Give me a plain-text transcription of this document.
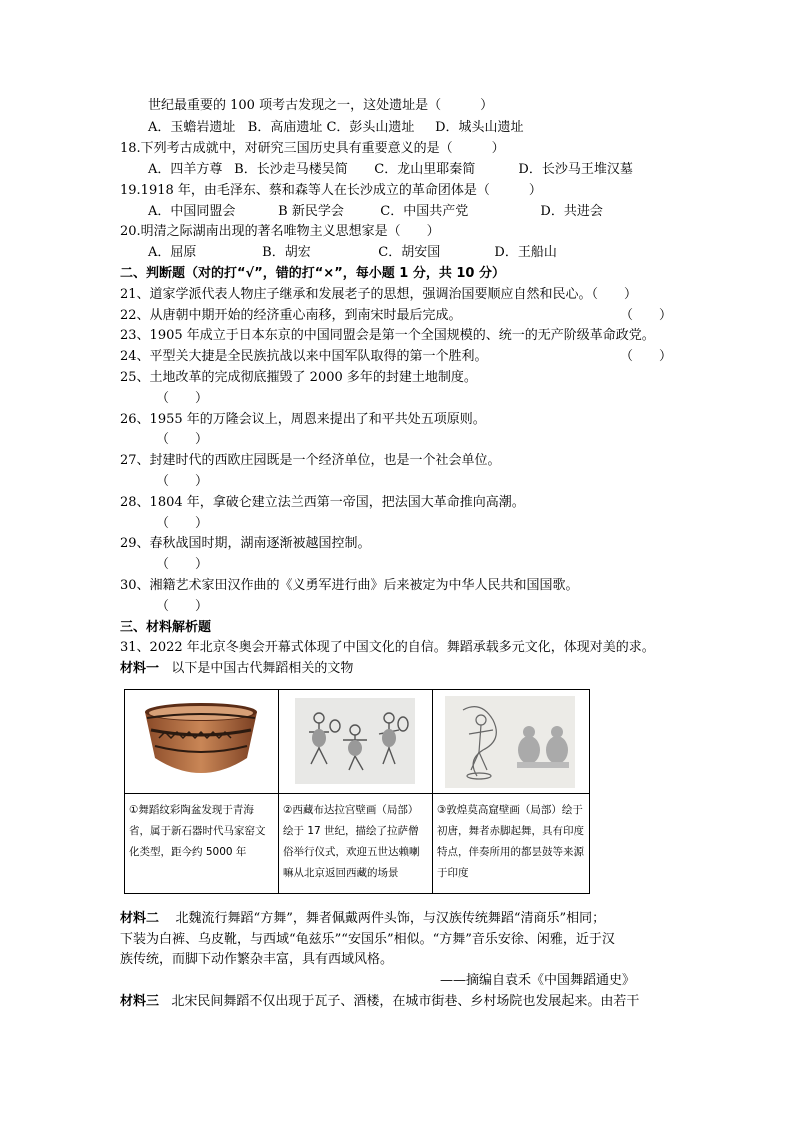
世纪最重要的 100 项考古发现之一，这处遗址是（　　　）
A．玉蟾岩遗址 B．高庙遗址 C．彭头山遗址 D．城头山遗址
18.下列考古成就中，对研究三国历史具有重要意义的是（　　　）
A．四羊方尊 B．长沙走马楼吴简 C．龙山里耶秦简	D．长沙马王堆汉墓
19.1918 年，由毛泽东、蔡和森等人在长沙成立的革命团体是（　　　）
A．中国同盟会	B 新民学会	C．中国共产党	D．共进会
20.明清之际湖南出现的著名唯物主义思想家是（　　）
A．屈原	B．胡宏	C．胡安国	D．王船山
二、判断题（对的打“√”，错的打“×”，每小题 1 分，共 10 分）
21、道家学派代表人物庄子继承和发展老子的思想，强调治国要顺应自然和民心。（　　）
22、从唐朝中期开始的经济重心南移，到南宋时最后完成。	（　　）
23、1905 年成立于日本东京的中国同盟会是第一个全国规模的、统一的无产阶级革命政党。
24、平型关大捷是全民族抗战以来中国军队取得的第一个胜利。	（　　）
25、土地改革的完成彻底摧毁了 2000 多年的封建土地制度。
（　　）
26、1955 年的万隆会议上，周恩来提出了和平共处五项原则。
（　　）
27、封建时代的西欧庄园既是一个经济单位，也是一个社会单位。
（　　）
28、1804 年，拿破仑建立法兰西第一帝国，把法国大革命推向高潮。
（　　）
29、春秋战国时期，湖南逐渐被越国控制。
（　　）
30、湘籍艺术家田汉作曲的《义勇军进行曲》后来被定为中华人民共和国国歌。
（　　）
三、材料解析题
31、2022 年北京冬奥会开幕式体现了中国文化的自信。舞蹈承载多元文化，体现对美的求。
材料一 以下是中国古代舞蹈相关的文物
①舞蹈纹彩陶盆发现于青海省，属于新石器时代马家窑文化类型，距今约 5000 年
②西藏布达拉宫壁画（局部）绘于 17 世纪，描绘了拉萨僧俗举行仪式，欢迎五世达赖喇嘛从北京返回西藏的场景
③敦煌莫高窟壁画（局部）绘于初唐，舞者赤脚起舞，具有印度特点，伴奏所用的都昙鼓等来源于印度
材料二 北魏流行舞蹈“方舞”，舞者佩戴两件头饰，与汉族传统舞蹈“清商乐”相同；
下装为白裤、乌皮靴，与西域“龟兹乐”“安国乐”相似。“方舞”音乐安徐、闲雅，近于汉
族传统，而脚下动作繁杂丰富，具有西域风格。
——摘编自袁禾《中国舞蹈通史》
材料三 北宋民间舞蹈不仅出现于瓦子、酒楼，在城市街巷、乡村场院也发展起来。由若干
